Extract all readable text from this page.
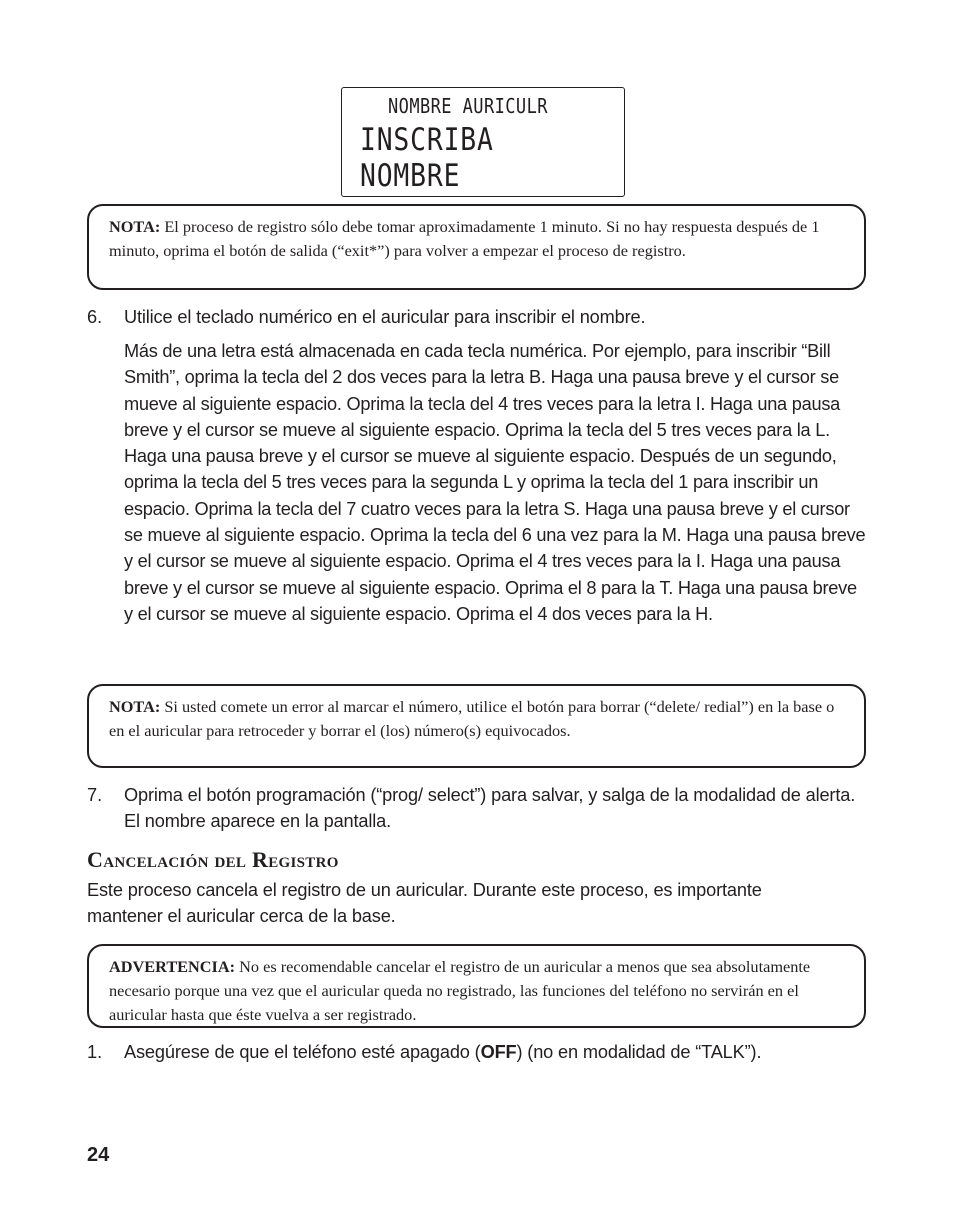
NOMBRE AURICULR
INSCRIBA NOMBRE
NOTA: El proceso de registro sólo debe tomar aproximadamente 1 minuto. Si no hay respuesta después de 1 minuto, oprima el botón de salida (“exit*”) para volver a empezar el proceso de registro.
6. Utilice el teclado numérico en el auricular para inscribir el nombre.
Más de una letra está almacenada en cada tecla numérica. Por ejemplo, para inscribir “Bill Smith”, oprima la tecla del 2 dos veces para la letra B. Haga una pausa breve y el cursor se mueve al siguiente espacio. Oprima la tecla del 4 tres veces para la letra I. Haga una pausa breve y el cursor se mueve al siguiente espacio. Oprima la tecla del 5 tres veces para la L. Haga una pausa breve y el cursor se mueve al siguiente espacio. Después de un segundo, oprima la tecla del 5 tres veces para la segunda L y oprima la tecla del 1 para inscribir un espacio. Oprima la tecla del 7 cuatro veces para la letra S. Haga una pausa breve y el cursor se mueve al siguiente espacio. Oprima la tecla del 6 una vez para la M. Haga una pausa breve y el cursor se mueve al siguiente espacio. Oprima el 4 tres veces para la I. Haga una pausa breve y el cursor se mueve al siguiente espacio. Oprima el 8 para la T. Haga una pausa breve y el cursor se mueve al siguiente espacio. Oprima el 4 dos veces para la H.
NOTA: Si usted comete un error al marcar el número, utilice el botón para borrar (“delete/ redial”) en la base o en el auricular para retroceder y borrar el (los) número(s) equivocados.
7. Oprima el botón programación (“prog/ select”) para salvar, y salga de la modalidad de alerta. El nombre aparece en la pantalla.
Cancelación del Registro
Este proceso cancela el registro de un auricular. Durante este proceso, es importante mantener el auricular cerca de la base.
ADVERTENCIA: No es recomendable cancelar el registro de un auricular a menos que sea absolutamente necesario porque una vez que el auricular queda no registrado, las funciones del teléfono no servirán en el auricular hasta que éste vuelva a ser registrado.
1. Asegúrese de que el teléfono esté apagado (OFF) (no en modalidad de “TALK”).
24
